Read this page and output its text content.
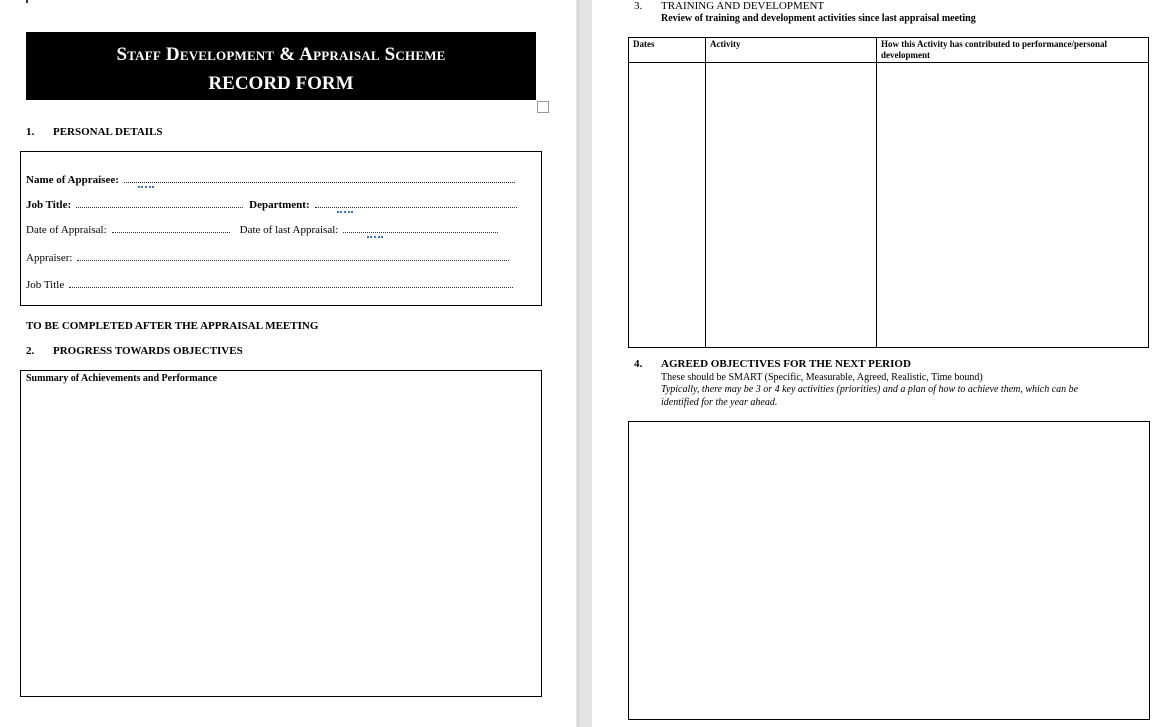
Staff Development & Appraisal Scheme
RECORD FORM
1. PERSONAL DETAILS
Name of Appraisee:
Job Title:	Department:
Date of Appraisal:	Date of last Appraisal:
Appraiser:
Job Title
TO BE COMPLETED AFTER THE APPRAISAL MEETING
2. PROGRESS TOWARDS OBJECTIVES
Summary of Achievements and Performance
3. TRAINING AND DEVELOPMENT
Review of training and development activities since last appraisal meeting
Dates	Activity	How this Activity has contributed to performance/personal development

4. AGREED OBJECTIVES FOR THE NEXT PERIOD
These should be SMART (Specific, Measurable, Agreed, Realistic, Time bound)
Typically, there may be 3 or 4 key activities (priorities) and a plan of how to achieve them, which can be
identified for the year ahead.
